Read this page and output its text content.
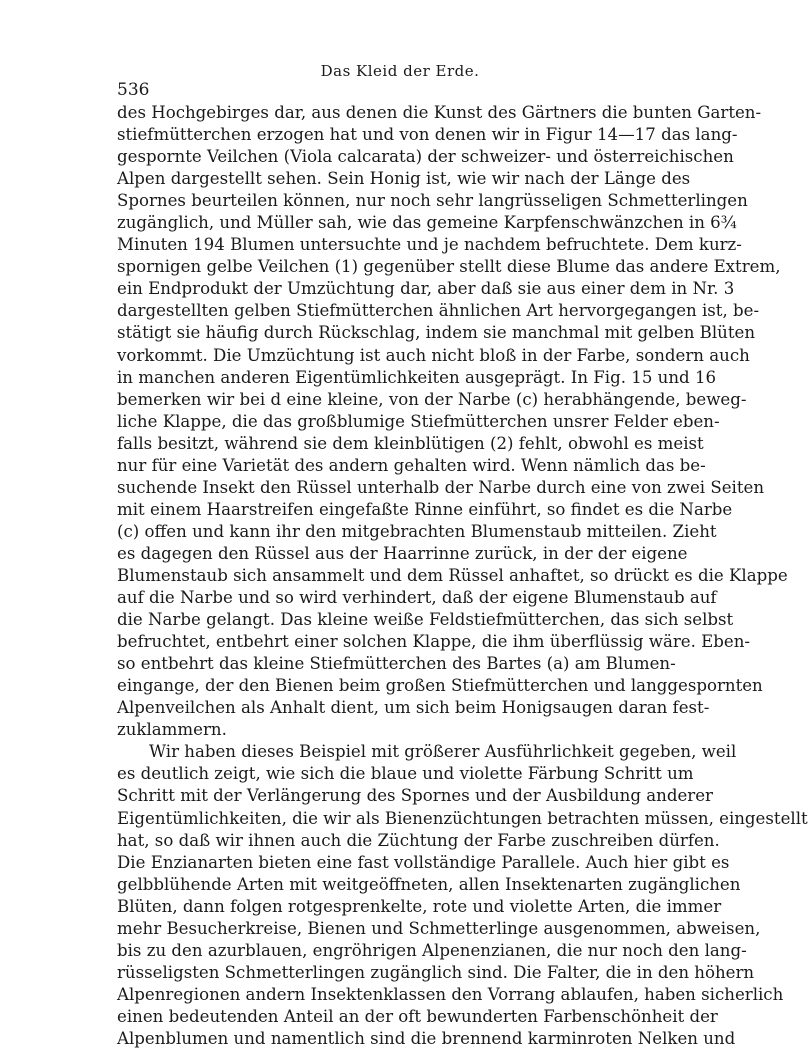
Das Kleid der Erde.
536

des Hochgebirges dar, aus denen die Kunst des Gärtners die bunten Garten-
stiefmütterchen erzogen hat und von denen wir in Figur 14—17 das lang-
gespornte Veilchen (Viola calcarata) der schweizer- und österreichischen
Alpen dargestellt sehen. Sein Honig ist, wie wir nach der Länge des
Spornes beurteilen können, nur noch sehr langrüsseligen Schmetterlingen
zugänglich, und Müller sah, wie das gemeine Karpfenschwänzchen in 6¾
Minuten 194 Blumen untersuchte und je nachdem befruchtete. Dem kurz-
spornigen gelbe Veilchen (1) gegenüber stellt diese Blume das andere Extrem,
ein Endprodukt der Umzüchtung dar, aber daß sie aus einer dem in Nr. 3
dargestellten gelben Stiefmütterchen ähnlichen Art hervorgegangen ist, be-
stätigt sie häufig durch Rückschlag, indem sie manchmal mit gelben Blüten
vorkommt. Die Umzüchtung ist auch nicht bloß in der Farbe, sondern auch
in manchen anderen Eigentümlichkeiten ausgeprägt. In Fig. 15 und 16
bemerken wir bei d eine kleine, von der Narbe (c) herabhängende, beweg-
liche Klappe, die das großblumige Stiefmütterchen unsrer Felder eben-
falls besitzt, während sie dem kleinblütigen (2) fehlt, obwohl es meist
nur für eine Varietät des andern gehalten wird. Wenn nämlich das be-
suchende Insekt den Rüssel unterhalb der Narbe durch eine von zwei Seiten
mit einem Haarstreifen eingefaßte Rinne einführt, so findet es die Narbe
(c) offen und kann ihr den mitgebrachten Blumenstaub mitteilen. Zieht
es dagegen den Rüssel aus der Haarrinne zurück, in der der eigene
Blumenstaub sich ansammelt und dem Rüssel anhaftet, so drückt es die Klappe
auf die Narbe und so wird verhindert, daß der eigene Blumenstaub auf
die Narbe gelangt. Das kleine weiße Feldstiefmütterchen, das sich selbst
befruchtet, entbehrt einer solchen Klappe, die ihm überflüssig wäre. Eben-
so entbehrt das kleine Stiefmütterchen des Bartes (a) am Blumen-
eingange, der den Bienen beim großen Stiefmütterchen und langgespornten
Alpenveilchen als Anhalt dient, um sich beim Honigsaugen daran fest-
zuklammern.

Wir haben dieses Beispiel mit größerer Ausführlichkeit gegeben, weil
es deutlich zeigt, wie sich die blaue und violette Färbung Schritt um
Schritt mit der Verlängerung des Spornes und der Ausbildung anderer
Eigentümlichkeiten, die wir als Bienenzüchtungen betrachten müssen, eingestellt
hat, so daß wir ihnen auch die Züchtung der Farbe zuschreiben dürfen.
Die Enzianarten bieten eine fast vollständige Parallele. Auch hier gibt es
gelbblühende Arten mit weitgeöffneten, allen Insektenarten zugänglichen
Blüten, dann folgen rotgesprenkelte, rote und violette Arten, die immer
mehr Besucherkreise, Bienen und Schmetterlinge ausgenommen, abweisen,
bis zu den azurblauen, engröhrigen Alpenenzianen, die nur noch den lang-
rüsseligsten Schmetterlingen zugänglich sind. Die Falter, die in den höhern
Alpenregionen andern Insektenklassen den Vorrang ablaufen, haben sicherlich
einen bedeutenden Anteil an der oft bewunderten Farbenschönheit der
Alpenblumen und namentlich sind die brennend karminroten Nelken und
